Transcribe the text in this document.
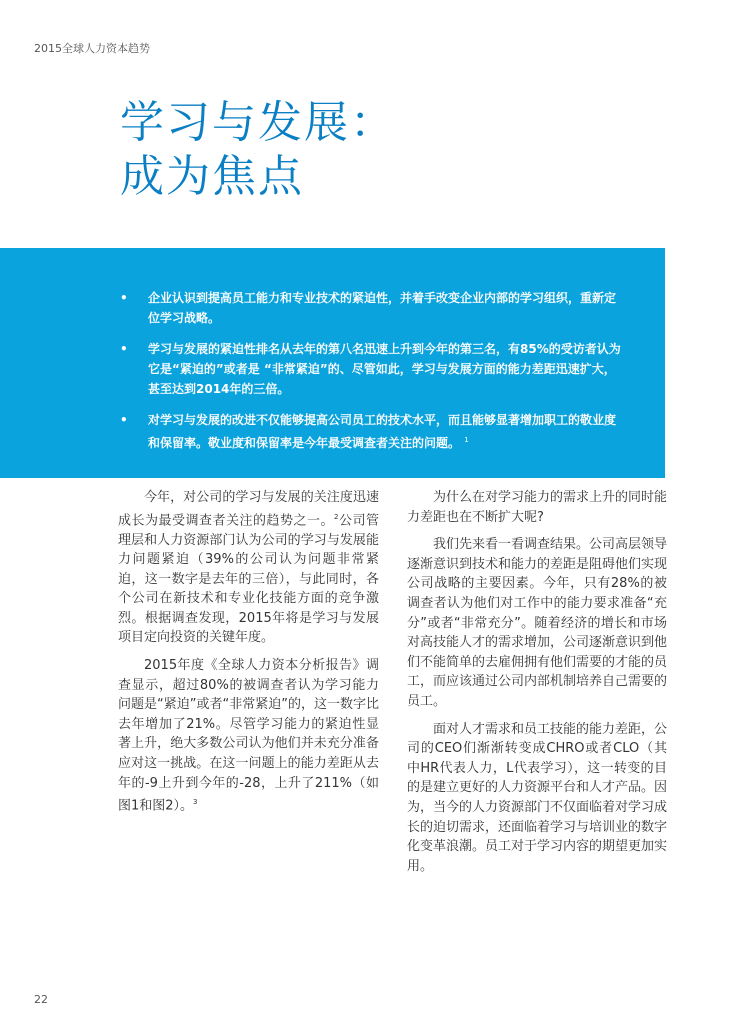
2015全球人力资本趋势
学习与发展：
成为焦点
• 企业认识到提高员工能力和专业技术的紧迫性，并着手改变企业内部的学习组织，重新定位学习战略。
• 学习与发展的紧迫性排名从去年的第八名迅速上升到今年的第三名，有85%的受访者认为它是“紧迫的”或者是 “非常紧迫”的、尽管如此，学习与发展方面的能力差距迅速扩大，甚至达到2014年的三倍。
• 对学习与发展的改进不仅能够提高公司员工的技术水平，而且能够显著增加职工的敬业度和保留率。敬业度和保留率是今年最受调查者关注的问题。 $^1$

今年，对公司的学习与发展的关注度迅速成长为最受调查者关注的趋势之一。$^2$公司管理层和人力资源部门认为公司的学习与发展能力问题紧迫（39%的公司认为问题非常紧迫，这一数字是去年的三倍），与此同时，各个公司在新技术和专业化技能方面的竞争激烈。根据调查发现，2015年将是学习与发展项目定向投资的关键年度。

2015年度《全球人力资本分析报告》调查显示，超过80%的被调查者认为学习能力问题是“紧迫”或者“非常紧迫”的，这一数字比去年增加了21%。尽管学习能力的紧迫性显著上升，绝大多数公司认为他们并未充分准备应对这一挑战。在这一问题上的能力差距从去年的-9上升到今年的-28，上升了211%（如图1和图2）。$^3$

为什么在对学习能力的需求上升的同时能力差距也在不断扩大呢?

我们先来看一看调查结果。公司高层领导逐渐意识到技术和能力的差距是阻碍他们实现公司战略的主要因素。今年，只有28%的被调查者认为他们对工作中的能力要求准备“充分”或者“非常充分”。随着经济的增长和市场对高技能人才的需求增加，公司逐渐意识到他们不能简单的去雇佣拥有他们需要的才能的员工，而应该通过公司内部机制培养自己需要的员工。

面对人才需求和员工技能的能力差距，公司的CEO们渐渐转变成CHRO或者CLO（其中HR代表人力，L代表学习），这一转变的目的是建立更好的人力资源平台和人才产品。因为，当今的人力资源部门不仅面临着对学习成长的迫切需求，还面临着学习与培训业的数字化变革浪潮。员工对于学习内容的期望更加实用。

22
